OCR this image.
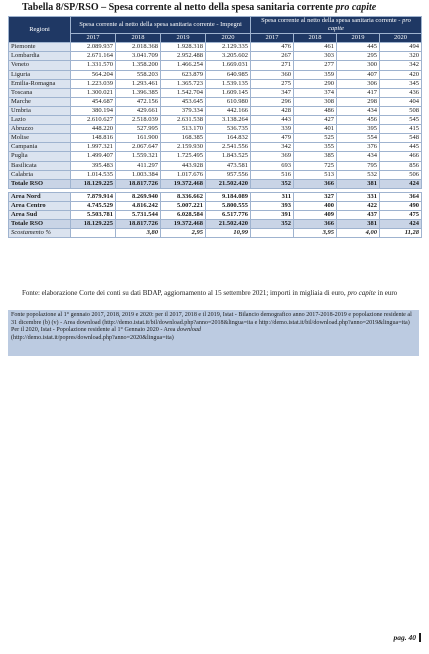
Tabella 8/SP/RSO – Spesa corrente al netto della spesa sanitaria corrente pro capite
Regioni	Spesa corrente al netto della spesa sanitaria corrente - Impegni				Spesa corrente al netto della spesa sanitaria corrente - pro capite			
	2017	2018	2019	2020	2017	2018	2019	2020
Piemonte	2.089.937	2.018.368	1.928.318	2.129.335	476	461	445	494
Lombardia	2.671.164	3.041.709	2.952.488	3.205.602	267	303	295	320
Veneto	1.331.570	1.358.200	1.466.254	1.669.031	271	277	300	342
Liguria	564.204	558.203	623.879	640.985	360	359	407	420
Emilia-Romagna	1.223.039	1.293.461	1.365.723	1.539.135	275	290	306	345
Toscana	1.300.021	1.396.385	1.542.704	1.609.145	347	374	417	436
Marche	454.687	472.156	453.645	610.980	296	308	298	404
Umbria	380.194	429.661	379.334	442.166	428	486	434	508
Lazio	2.610.627	2.518.039	2.631.538	3.138.264	443	427	456	545
Abruzzo	448.220	527.995	513.170	536.735	339	401	395	415
Molise	148.816	161.900	168.385	164.832	479	525	554	548
Campania	1.997.321	2.067.647	2.159.930	2.541.556	342	355	376	445
Puglia	1.499.407	1.559.321	1.725.495	1.843.525	369	385	434	466
Basilicata	395.483	411.297	443.928	473.581	693	725	795	856
Calabria	1.014.535	1.003.384	1.017.676	957.556	516	513	532	506
Totale RSO	18.129.225	18.817.726	19.372.468	21.502.420	352	366	381	424

Area Nord	7.879.914	8.269.940	8.336.662	9.184.089	311	327	331	364
Area Centro	4.745.529	4.816.242	5.007.221	5.800.555	393	400	422	490
Area Sud	5.503.781	5.731.544	6.028.584	6.517.776	391	409	437	475
Totale RSO	18.129.225	18.817.726	19.372.468	21.502.420	352	366	381	424
Scostamento %		3,80	2,95	10,99		3,95	4,00	11,28
Fonte: elaborazione Corte dei conti su dati BDAP, aggiornamento al 15 settembre 2021; importi in migliaia di euro, pro capite in euro

Fonte popolazione al 1° gennaio 2017, 2018, 2019 e 2020: per il 2017, 2018 e il 2019, Istat - Bilancio demografico anno 2017-2018-2019 e popolazione residente al 31 dicembre (b) (v) - Area download (http://demo.istat.it/bil/download.php?anno=2018&lingua=ita e http://demo.istat.it/bil/download.php?anno=2019&lingua=ita)

Per il 2020, Istat - Popolazione residente al 1° Gennaio 2020 - Area download

(http://demo.istat.it/popres/download.php?anno=2020&lingua=ita)

pag. 40
